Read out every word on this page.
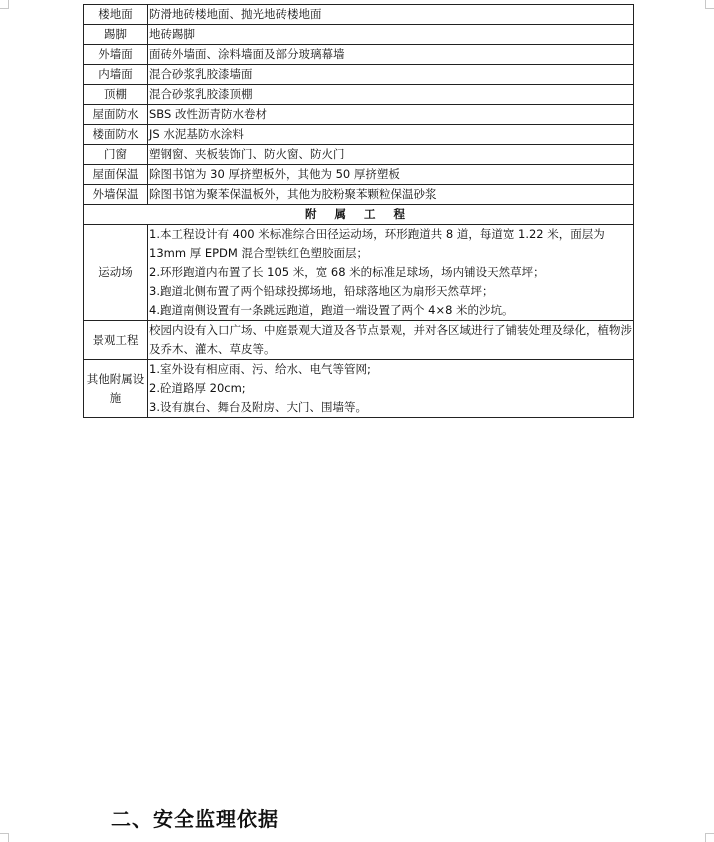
楼地面	防滑地砖楼地面、抛光地砖楼地面
踢脚	地砖踢脚
外墙面	面砖外墙面、涂料墙面及部分玻璃幕墙
内墙面	混合砂浆乳胶漆墙面
顶棚	混合砂浆乳胶漆顶棚
屋面防水	SBS 改性沥青防水卷材
楼面防水	JS 水泥基防水涂料
门窗	塑钢窗、夹板装饰门、防火窗、防火门
屋面保温	除图书馆为 30 厚挤塑板外，其他为 50 厚挤塑板
外墙保温	除图书馆为聚苯保温板外，其他为胶粉聚苯颗粒保温砂浆
附 属 工 程	
运动场	1.本工程设计有 400 米标准综合田径运动场，环形跑道共 8 道，每道宽 1.22 米，面层为 13mm 厚 EPDM 混合型铁红色塑胶面层；
2.环形跑道内布置了长 105 米，宽 68 米的标准足球场，场内铺设天然草坪；
3.跑道北侧布置了两个铅球投掷场地，铅球落地区为扇形天然草坪；
4.跑道南侧设置有一条跳远跑道，跑道一端设置了两个 4×8 米的沙坑。

景观工程	校园内设有入口广场、中庭景观大道及各节点景观，并对各区域进行了铺装处理及绿化，植物涉及乔木、灌木、草皮等。

其他附属设施	1.室外设有相应雨、污、给水、电气等管网;
2.砼道路厚 20cm;
3.设有旗台、舞台及附房、大门、围墙等。
二、安全监理依据
